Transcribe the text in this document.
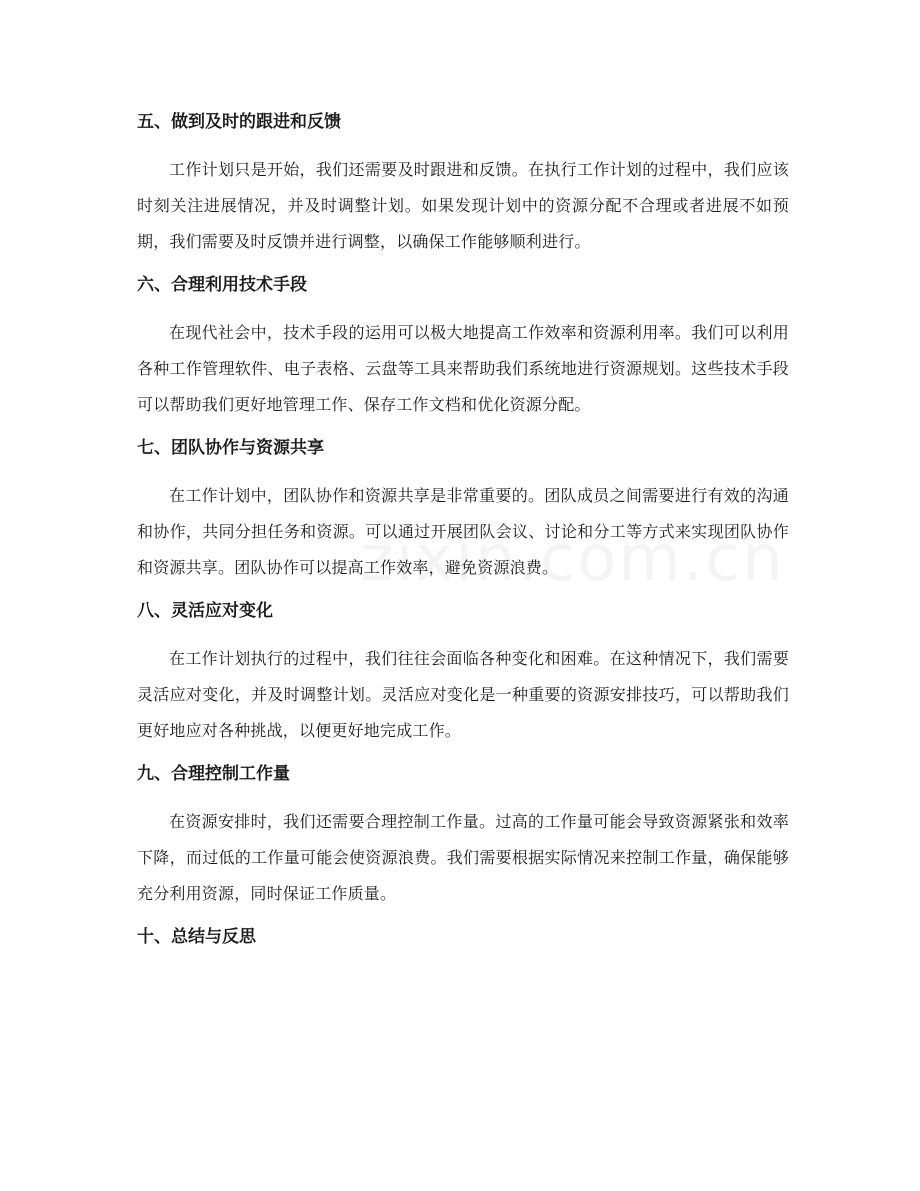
五、做到及时的跟进和反馈

工作计划只是开始，我们还需要及时跟进和反馈。在执行工作计划的过程中，我们应该时刻关注进展情况，并及时调整计划。如果发现计划中的资源分配不合理或者进展不如预期，我们需要及时反馈并进行调整，以确保工作能够顺利进行。

六、合理利用技术手段

在现代社会中，技术手段的运用可以极大地提高工作效率和资源利用率。我们可以利用各种工作管理软件、电子表格、云盘等工具来帮助我们系统地进行资源规划。这些技术手段可以帮助我们更好地管理工作、保存工作文档和优化资源分配。

七、团队协作与资源共享

在工作计划中，团队协作和资源共享是非常重要的。团队成员之间需要进行有效的沟通和协作，共同分担任务和资源。可以通过开展团队会议、讨论和分工等方式来实现团队协作和资源共享。团队协作可以提高工作效率，避免资源浪费。

八、灵活应对变化

在工作计划执行的过程中，我们往往会面临各种变化和困难。在这种情况下，我们需要灵活应对变化，并及时调整计划。灵活应对变化是一种重要的资源安排技巧，可以帮助我们更好地应对各种挑战，以便更好地完成工作。

九、合理控制工作量

在资源安排时，我们还需要合理控制工作量。过高的工作量可能会导致资源紧张和效率下降，而过低的工作量可能会使资源浪费。我们需要根据实际情况来控制工作量，确保能够充分利用资源，同时保证工作质量。

十、总结与反思
